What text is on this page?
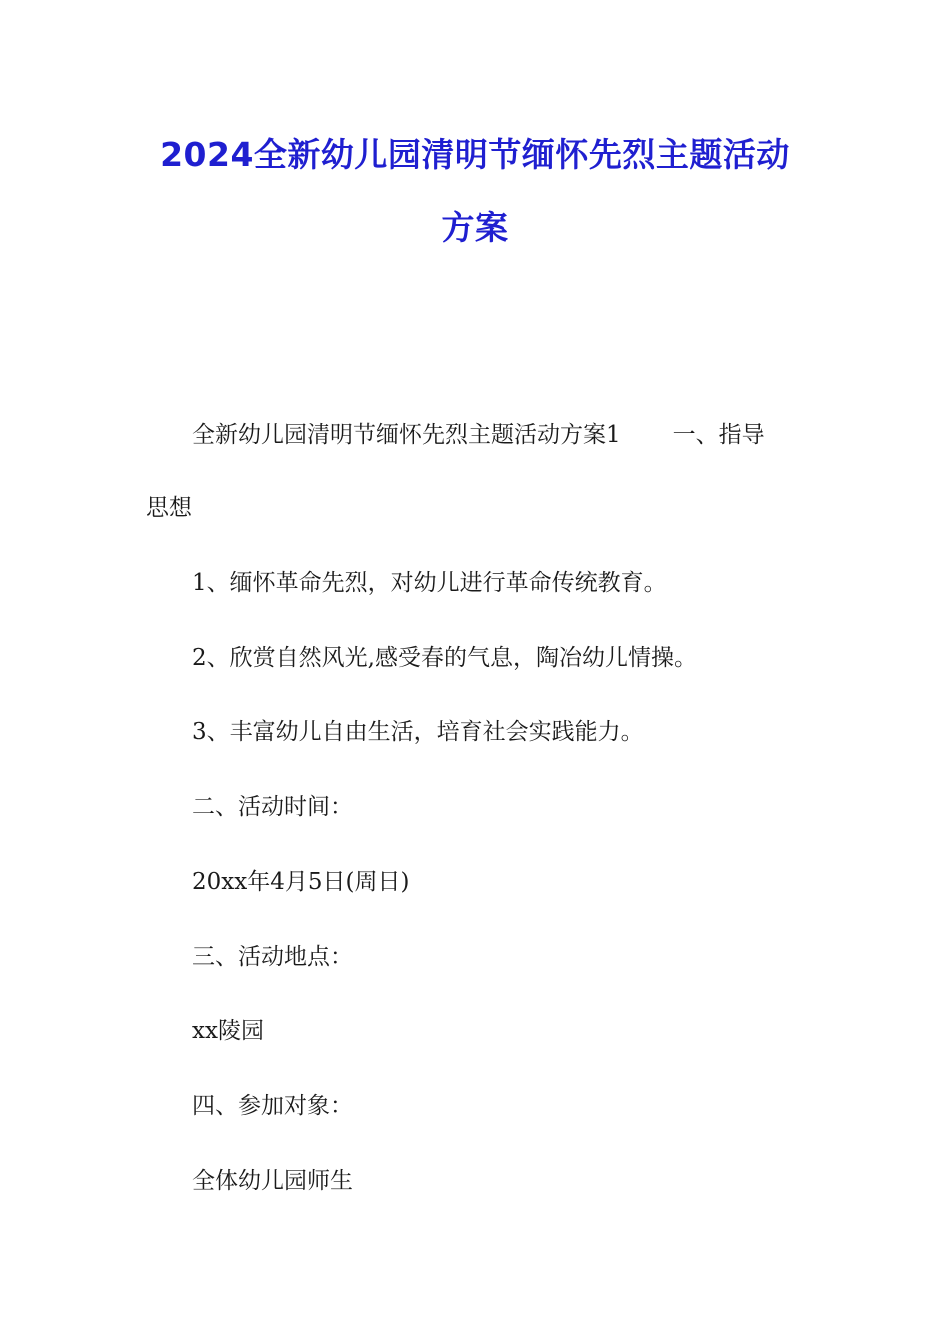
2024全新幼儿园清明节缅怀先烈主题活动
方案

全新幼儿园清明节缅怀先烈主题活动方案1 一、指导

思想

1、缅怀革命先烈，对幼儿进行革命传统教育。

2、欣赏自然风光,感受春的气息，陶冶幼儿情操。

3、丰富幼儿自由生活，培育社会实践能力。

二、活动时间：

20xx年4月5日(周日)

三、活动地点：

xx陵园

四、参加对象：

全体幼儿园师生
